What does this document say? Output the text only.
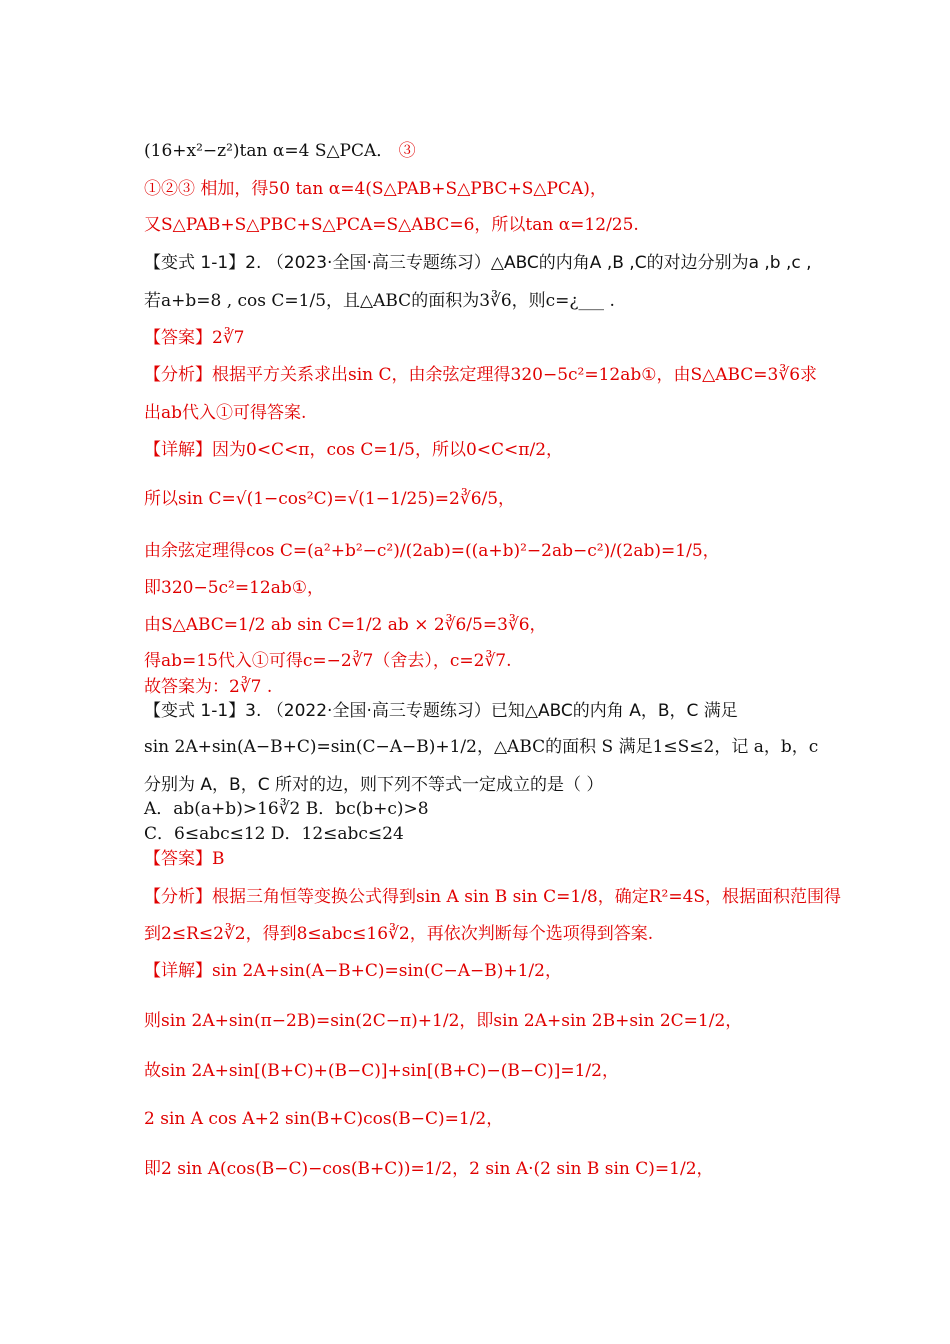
(16+x²−z²)tan α=4 S△PCA． ③
①②③ 相加，得50 tan α=4(S△PAB+S△PBC+S△PCA)，
又S△PAB+S△PBC+S△PCA=S△ABC=6，所以tan α=12/25.
【变式 1-1】2. （2023·全国·高三专题练习）△ABC的内角A ,B ,C的对边分别为a ,b ,c ,
若a+b=8 , cos C=1/5，且△ABC的面积为3∛6，则c=¿___ .
【答案】2∛7
【分析】根据平方关系求出sin C，由余弦定理得320−5c²=12ab①，由S△ABC=3∛6求
出ab代入①可得答案.
【详解】因为0<C<π，cos C=1/5，所以0<C<π/2，
所以sin C=√(1−cos²C)=√(1−1/25)=2∛6/5，
由余弦定理得cos C=(a²+b²−c²)/(2ab)=((a+b)²−2ab−c²)/(2ab)=1/5，
即320−5c²=12ab①，
由S△ABC=1/2 ab sin C=1/2 ab × 2∛6/5=3∛6，
得ab=15代入①可得c=−2∛7（舍去），c=2∛7.
故答案为：2∛7 .
【变式 1-1】3. （2022·全国·高三专题练习）已知△ABC的内角 A，B，C 满足
sin 2A+sin(A−B+C)=sin(C−A−B)+1/2，△ABC的面积 S 满足1≤S≤2，记 a，b，c
分别为 A，B，C 所对的边，则下列不等式一定成立的是（ ）
A．ab(a+b)>16∛2 B．bc(b+c)>8
C．6≤abc≤12 D．12≤abc≤24
【答案】B
【分析】根据三角恒等变换公式得到sin A sin B sin C=1/8，确定R²=4S，根据面积范围得
到2≤R≤2∛2，得到8≤abc≤16∛2，再依次判断每个选项得到答案.
【详解】sin 2A+sin(A−B+C)=sin(C−A−B)+1/2，
则sin 2A+sin(π−2B)=sin(2C−π)+1/2，即sin 2A+sin 2B+sin 2C=1/2，
故sin 2A+sin[(B+C)+(B−C)]+sin[(B+C)−(B−C)]=1/2，
2 sin A cos A+2 sin(B+C)cos(B−C)=1/2，
即2 sin A(cos(B−C)−cos(B+C))=1/2，2 sin A·(2 sin B sin C)=1/2，
